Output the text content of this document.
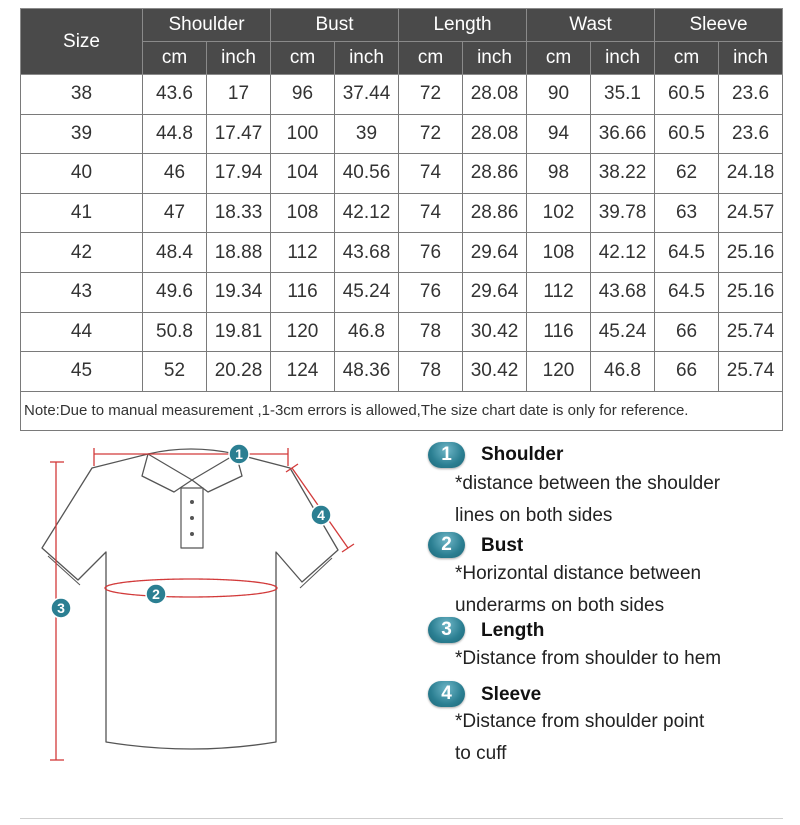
Size	Shoulder		Bust		Length		Wast		Sleeve	
	cm	inch	cm	inch	cm	inch	cm	inch	cm	inch
38	43.6	17	96	37.44	72	28.08	90	35.1	60.5	23.6
39	44.8	17.47	100	39	72	28.08	94	36.66	60.5	23.6
40	46	17.94	104	40.56	74	28.86	98	38.22	62	24.18
41	47	18.33	108	42.12	74	28.86	102	39.78	63	24.57
42	48.4	18.88	112	43.68	76	29.64	108	42.12	64.5	25.16
43	49.6	19.34	116	45.24	76	29.64	112	43.68	64.5	25.16
44	50.8	19.81	120	46.8	78	30.42	116	45.24	66	25.74
45	52	20.28	124	48.36	78	30.42	120	46.8	66	25.74
Note:Due to manual measurement ,1-3cm errors is allowed,The size chart date is only for reference.										
1
2
3
4
1	Shoulder
*distance between the shoulder
lines on both sides
2	Bust
*Horizontal distance between
underarms on both sides
3	Length
*Distance from shoulder to hem
4	Sleeve
*Distance from shoulder point
to cuff
